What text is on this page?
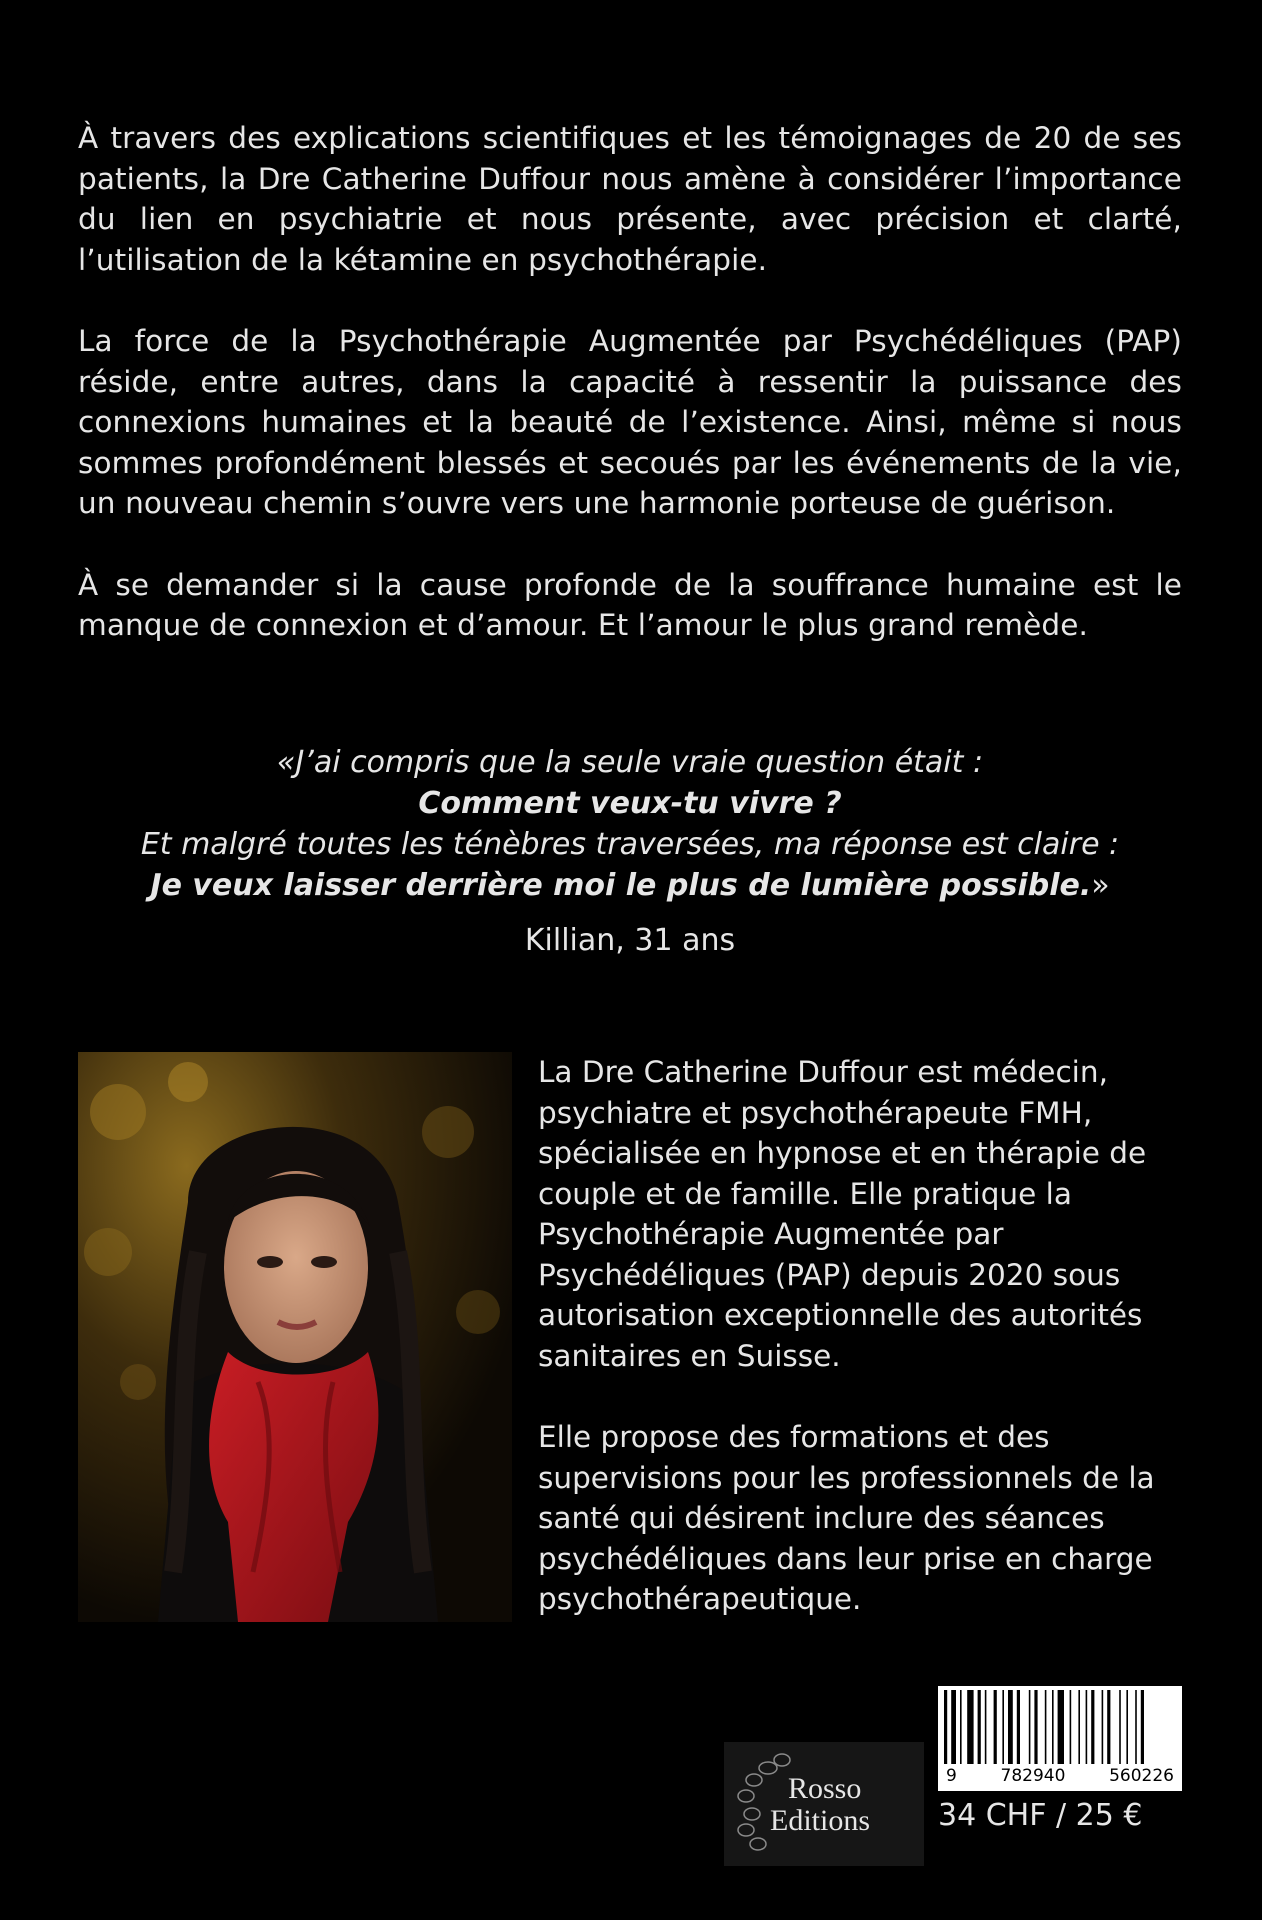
À travers des explications scientifiques et les témoignages de 20 de ses patients, la Dre Catherine Duffour nous amène à considérer l’importance du lien en psychiatrie et nous présente, avec précision et clarté, l’utilisation de la kétamine en psychothérapie.

La force de la Psychothérapie Augmentée par Psychédéliques (PAP) réside, entre autres, dans la capacité à ressentir la puissance des connexions humaines et la beauté de l’existence. Ainsi, même si nous sommes profondément blessés et secoués par les événements de la vie, un nouveau chemin s’ouvre vers une harmonie porteuse de guérison.

À se demander si la cause profonde de la souffrance humaine est le manque de connexion et d’amour. Et l’amour le plus grand remède.

«J’ai compris que la seule vraie question était :
Comment veux-tu vivre ?
Et malgré toutes les ténèbres traversées, ma réponse est claire :
Je veux laisser derrière moi le plus de lumière possible.»
Killian, 31 ans

La Dre Catherine Duffour est médecin, psychiatre et psychothérapeute FMH, spécialisée en hypnose et en thérapie de couple et de famille. Elle pratique la Psychothérapie Augmentée par Psychédéliques (PAP) depuis 2020 sous autorisation exceptionnelle des autorités sanitaires en Suisse.

Elle propose des formations et des supervisions pour les professionnels de la santé qui désirent inclure des séances psychédéliques dans leur prise en charge psychothérapeutique.

Rosso
Editions
9	782940	560226
34 CHF / 25 €
